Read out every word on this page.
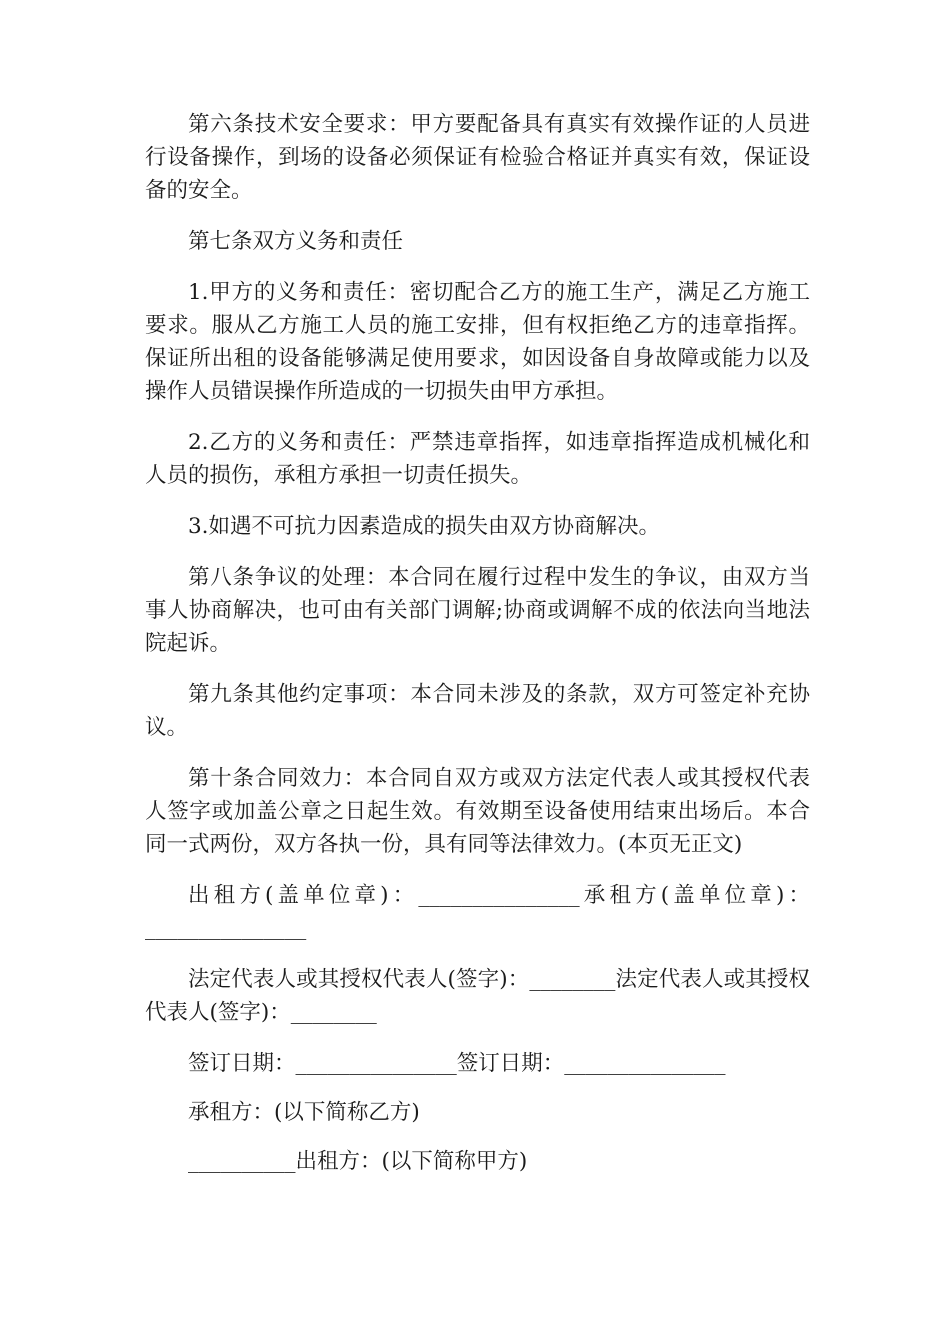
第六条技术安全要求：甲方要配备具有真实有效操作证的人员进行设备操作，到场的设备必须保证有检验合格证并真实有效，保证设备的安全。

第七条双方义务和责任

1.甲方的义务和责任：密切配合乙方的施工生产，满足乙方施工要求。服从乙方施工人员的施工安排，但有权拒绝乙方的违章指挥。保证所出租的设备能够满足使用要求，如因设备自身故障或能力以及操作人员错误操作所造成的一切损失由甲方承担。

2.乙方的义务和责任：严禁违章指挥，如违章指挥造成机械化和人员的损伤，承租方承担一切责任损失。

3.如遇不可抗力因素造成的损失由双方协商解决。

第八条争议的处理：本合同在履行过程中发生的争议，由双方当事人协商解决，也可由有关部门调解;协商或调解不成的依法向当地法院起诉。

第九条其他约定事项：本合同未涉及的条款，双方可签定补充协议。

第十条合同效力：本合同自双方或双方法定代表人或其授权代表人签字或加盖公章之日起生效。有效期至设备使用结束出场后。本合同一式两份，双方各执一份，具有同等法律效力。(本页无正文)

出租方(盖单位章)：_______________承租方(盖单位章)：_______________

法定代表人或其授权代表人(签字)：________法定代表人或其授权代表人(签字)：________

签订日期：_______________签订日期：_______________

承租方：(以下简称乙方)

__________出租方：(以下简称甲方)
